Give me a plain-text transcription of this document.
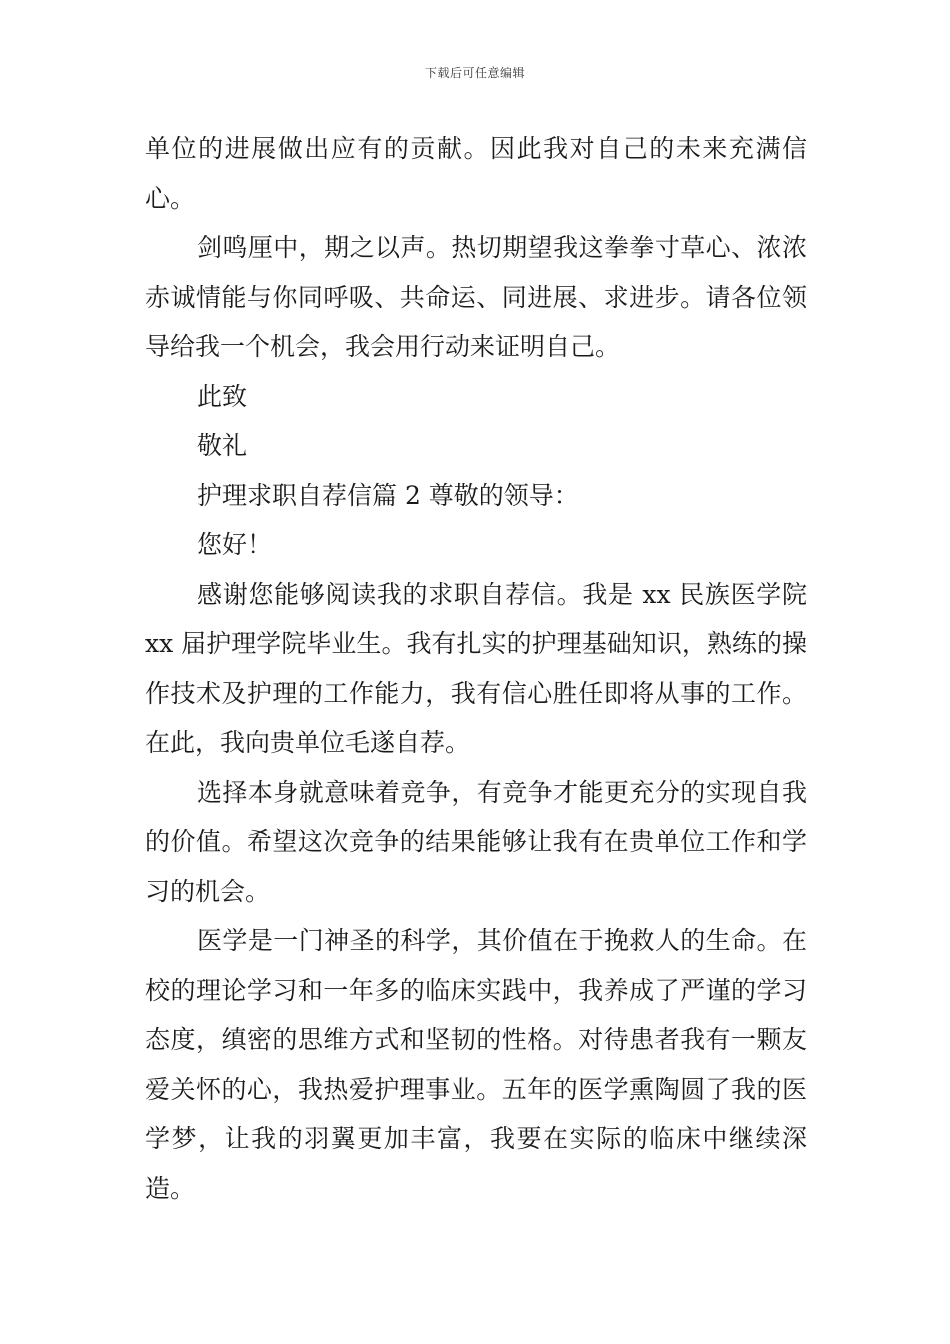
下载后可任意编辑

单位的进展做出应有的贡献。因此我对自己的未来充满信心。

剑鸣厘中，期之以声。热切期望我这拳拳寸草心、浓浓赤诚情能与你同呼吸、共命运、同进展、求进步。请各位领导给我一个机会，我会用行动来证明自己。

此致

敬礼

护理求职自荐信篇 2 尊敬的领导：

您好！

感谢您能够阅读我的求职自荐信。我是 xx 民族医学院 xx 届护理学院毕业生。我有扎实的护理基础知识，熟练的操作技术及护理的工作能力，我有信心胜任即将从事的工作。在此，我向贵单位毛遂自荐。

选择本身就意味着竞争，有竞争才能更充分的实现自我的价值。希望这次竞争的结果能够让我有在贵单位工作和学习的机会。

医学是一门神圣的科学，其价值在于挽救人的生命。在校的理论学习和一年多的临床实践中，我养成了严谨的学习态度，缜密的思维方式和坚韧的性格。对待患者我有一颗友爱关怀的心，我热爱护理事业。五年的医学熏陶圆了我的医学梦，让我的羽翼更加丰富，我要在实际的临床中继续深造。
